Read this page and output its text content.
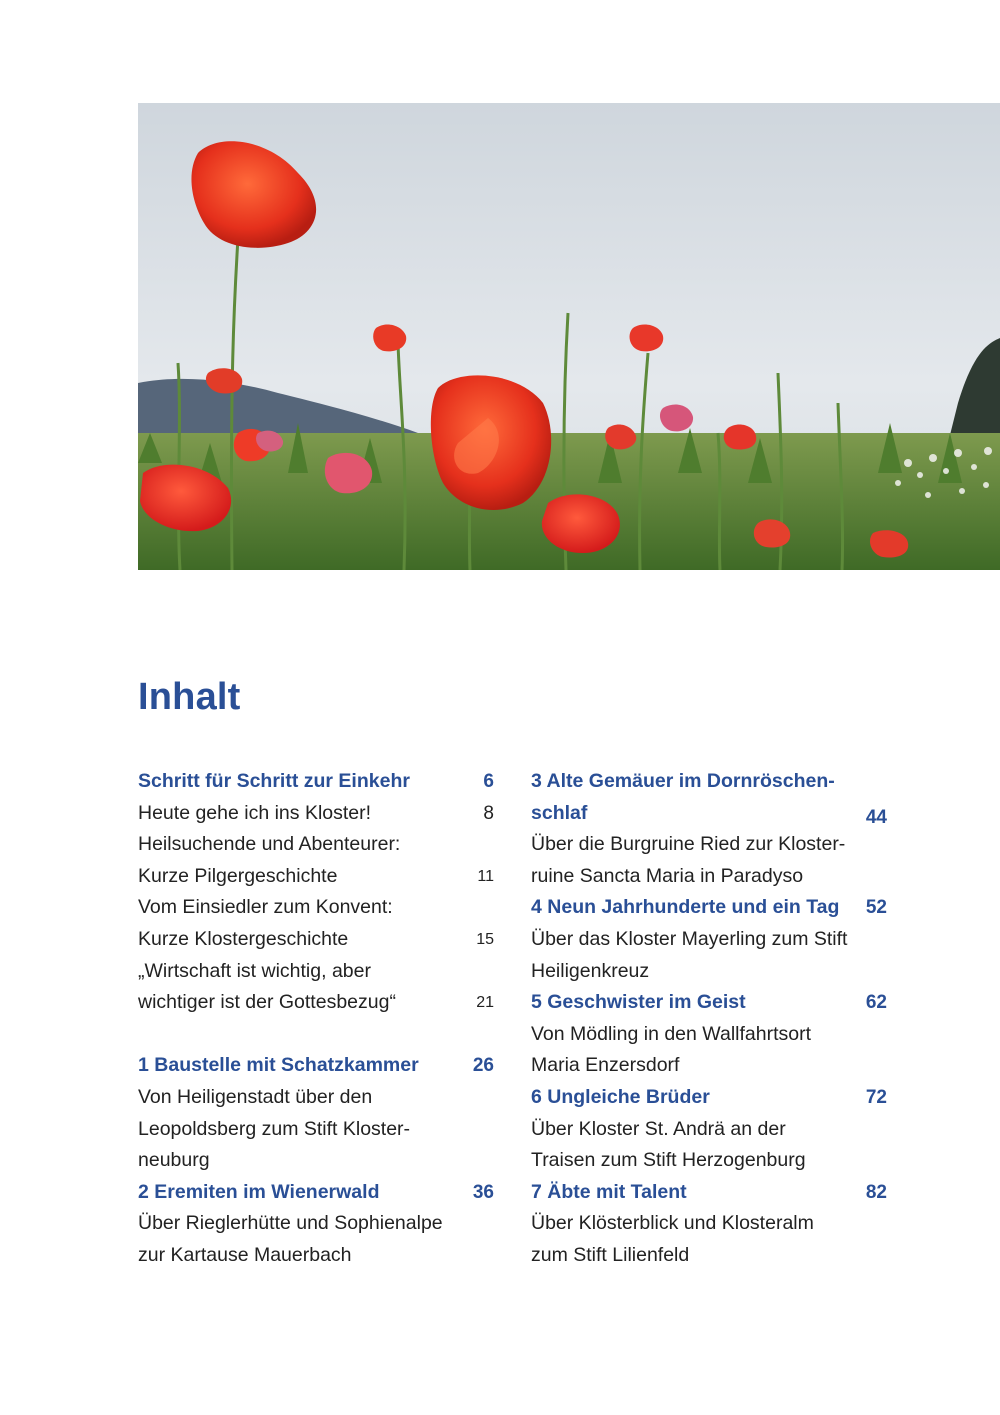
Inhalt
Schritt für Schritt zur Einkehr	6
Heute gehe ich ins Kloster!	8
Heilsuchende und Abenteurer:
Kurze Pilgergeschichte	11
Vom Einsiedler zum Konvent:
Kurze Klostergeschichte	15
„Wirtschaft ist wichtig, aber
wichtiger ist der Gottesbezug“	21
1 Baustelle mit Schatzkammer	26
Von Heiligenstadt über den
Leopoldsberg zum Stift Kloster-
neuburg
2 Eremiten im Wienerwald	36
Über Rieglerhütte und Sophienalpe
zur Kartause Mauerbach
3 Alte Gemäuer im Dornröschen-
schlaf	44
Über die Burgruine Ried zur Kloster-
ruine Sancta Maria in Paradyso
4 Neun Jahrhunderte und ein Tag 52
Über das Kloster Mayerling zum Stift
Heiligenkreuz
5 Geschwister im Geist	62
Von Mödling in den Wallfahrtsort
Maria Enzersdorf
6 Ungleiche Brüder	72
Über Kloster St. Andrä an der
Traisen zum Stift Herzogenburg
7 Äbte mit Talent	82
Über Klösterblick und Klosteralm
zum Stift Lilienfeld
